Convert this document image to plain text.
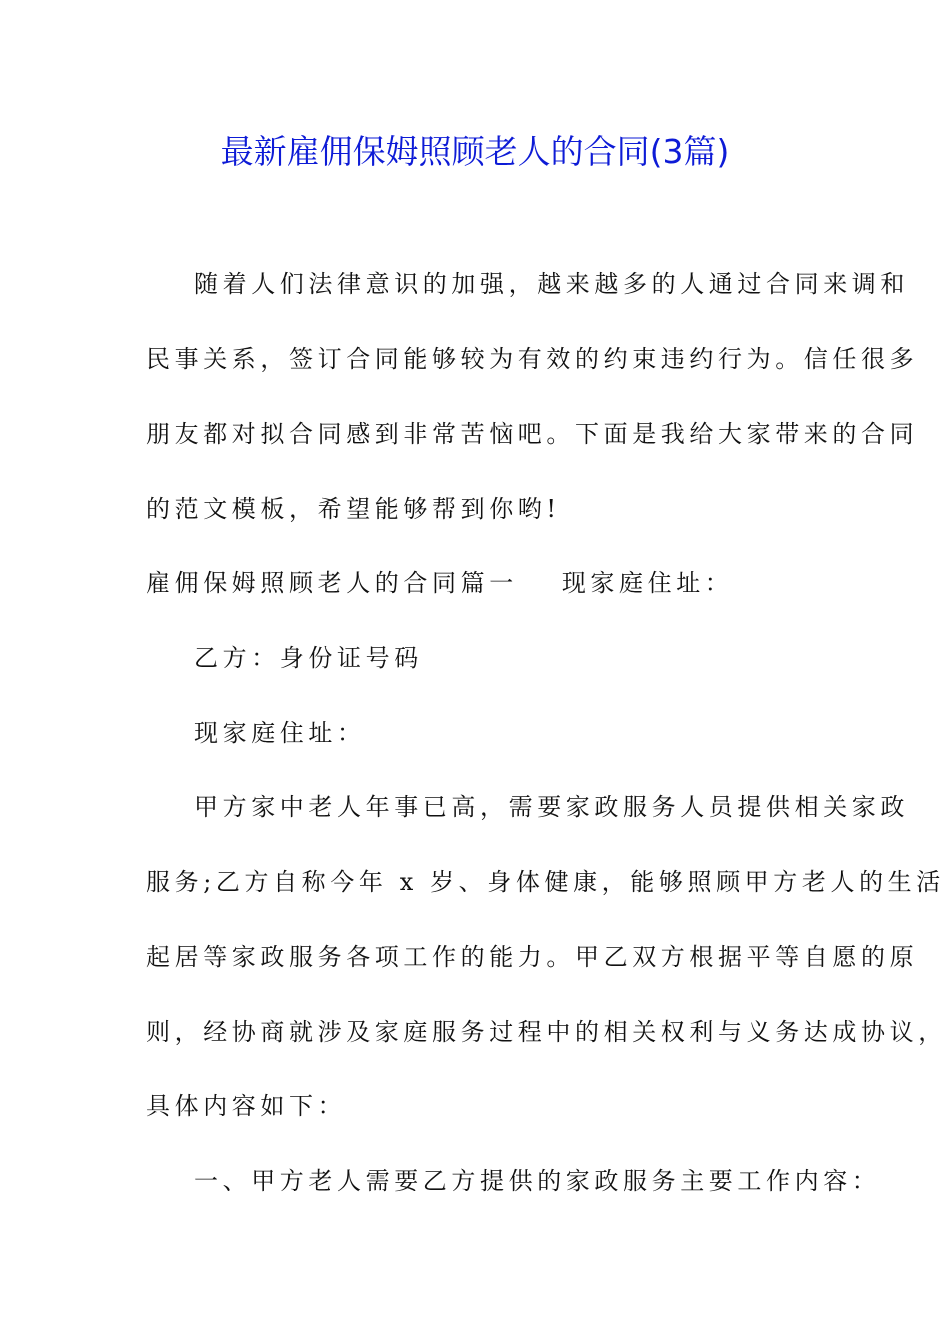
最新雇佣保姆照顾老人的合同(3篇)
随着人们法律意识的加强，越来越多的人通过合同来调和
民事关系，签订合同能够较为有效的约束违约行为。信任很多
朋友都对拟合同感到非常苦恼吧。下面是我给大家带来的合同
的范文模板，希望能够帮到你哟!
雇佣保姆照顾老人的合同篇一 现家庭住址：
乙方：身份证号码
现家庭住址：
甲方家中老人年事已高，需要家政服务人员提供相关家政
服务;乙方自称今年 x 岁、身体健康，能够照顾甲方老人的生活
起居等家政服务各项工作的能力。甲乙双方根据平等自愿的原
则，经协商就涉及家庭服务过程中的相关权利与义务达成协议，
具体内容如下：
一、甲方老人需要乙方提供的家政服务主要工作内容：
